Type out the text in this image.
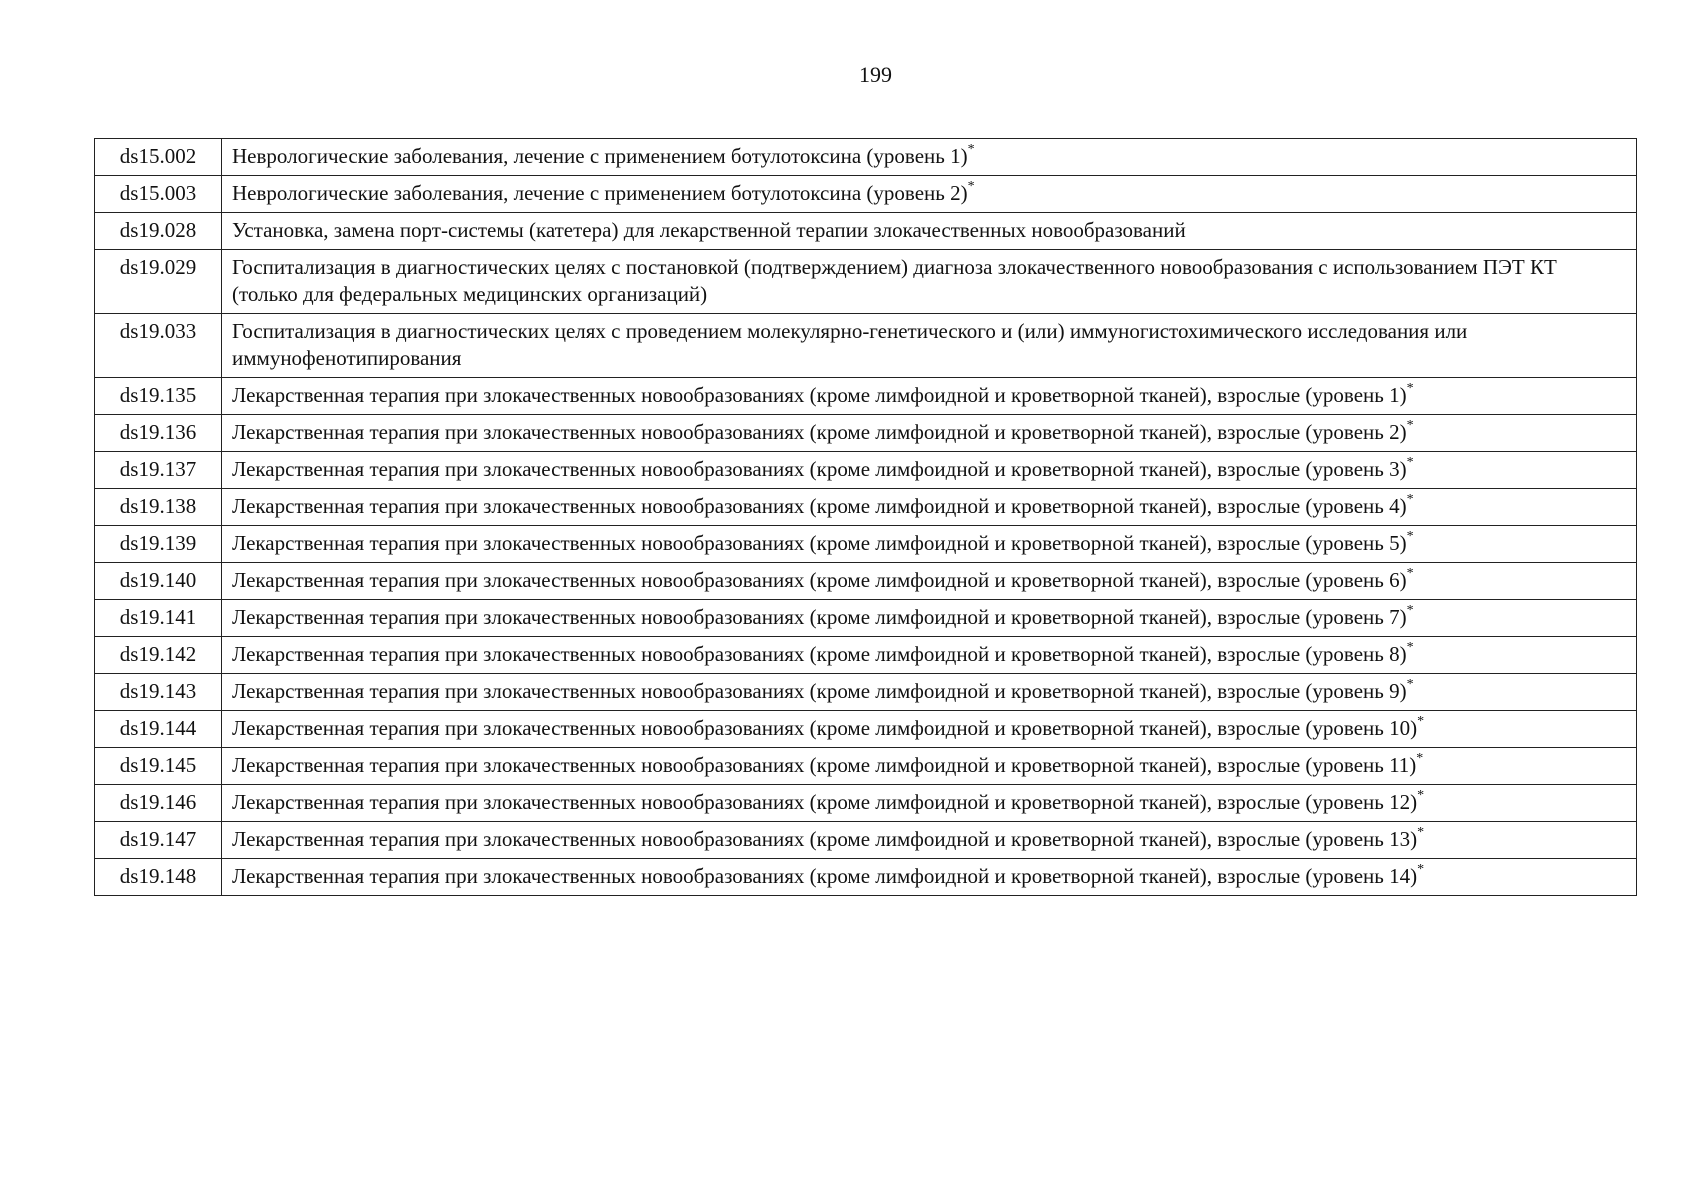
199
ds15.002	Неврологические заболевания, лечение с применением ботулотоксина (уровень 1)*
ds15.003	Неврологические заболевания, лечение с применением ботулотоксина (уровень 2)*
ds19.028	Установка, замена порт-системы (катетера) для лекарственной терапии злокачественных новообразований
ds19.029	Госпитализация в диагностических целях с постановкой (подтверждением) диагноза злокачественного новообразования с использованием ПЭТ КТ (только для федеральных медицинских организаций)
ds19.033	Госпитализация в диагностических целях с проведением молекулярно-генетического и (или) иммуногистохимического исследования или иммунофенотипирования
ds19.135	Лекарственная терапия при злокачественных новообразованиях (кроме лимфоидной и кроветворной тканей), взрослые (уровень 1)*
ds19.136	Лекарственная терапия при злокачественных новообразованиях (кроме лимфоидной и кроветворной тканей), взрослые (уровень 2)*
ds19.137	Лекарственная терапия при злокачественных новообразованиях (кроме лимфоидной и кроветворной тканей), взрослые (уровень 3)*
ds19.138	Лекарственная терапия при злокачественных новообразованиях (кроме лимфоидной и кроветворной тканей), взрослые (уровень 4)*
ds19.139	Лекарственная терапия при злокачественных новообразованиях (кроме лимфоидной и кроветворной тканей), взрослые (уровень 5)*
ds19.140	Лекарственная терапия при злокачественных новообразованиях (кроме лимфоидной и кроветворной тканей), взрослые (уровень 6)*
ds19.141	Лекарственная терапия при злокачественных новообразованиях (кроме лимфоидной и кроветворной тканей), взрослые (уровень 7)*
ds19.142	Лекарственная терапия при злокачественных новообразованиях (кроме лимфоидной и кроветворной тканей), взрослые (уровень 8)*
ds19.143	Лекарственная терапия при злокачественных новообразованиях (кроме лимфоидной и кроветворной тканей), взрослые (уровень 9)*
ds19.144	Лекарственная терапия при злокачественных новообразованиях (кроме лимфоидной и кроветворной тканей), взрослые (уровень 10)*
ds19.145	Лекарственная терапия при злокачественных новообразованиях (кроме лимфоидной и кроветворной тканей), взрослые (уровень 11)*
ds19.146	Лекарственная терапия при злокачественных новообразованиях (кроме лимфоидной и кроветворной тканей), взрослые (уровень 12)*
ds19.147	Лекарственная терапия при злокачественных новообразованиях (кроме лимфоидной и кроветворной тканей), взрослые (уровень 13)*
ds19.148	Лекарственная терапия при злокачественных новообразованиях (кроме лимфоидной и кроветворной тканей), взрослые (уровень 14)*
